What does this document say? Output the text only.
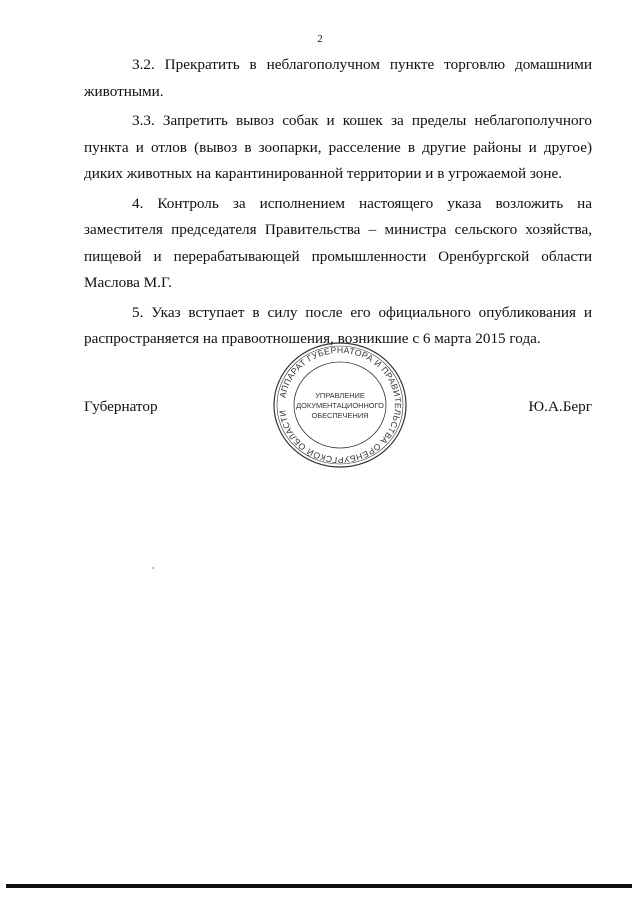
2

3.2. Прекратить в неблагополучном пункте торговлю домашними животными.

3.3. Запретить вывоз собак и кошек за пределы неблагополучного пункта и отлов (вывоз в зоопарки, расселение в другие районы и другое) диких животных на карантинированной территории и в угрожаемой зоне.

4. Контроль за исполнением настоящего указа возложить на заместителя председателя Правительства – министра сельского хозяйства, пищевой и перерабатывающей промышленности Оренбургской области Маслова М.Г.

5. Указ вступает в силу после его официального опубликования и распространяется на правоотношения, возникшие с 6 марта 2015 года.

Губернатор	Ю.А.Берг
АППАРАТ ГУБЕРНАТОРА И ПРАВИТЕЛЬСТВА ОРЕНБУРГСКОЙ ОБЛАСТИ
УПРАВЛЕНИЕ
ДОКУМЕНТАЦИОННОГО
ОБЕСПЕЧЕНИЯ
